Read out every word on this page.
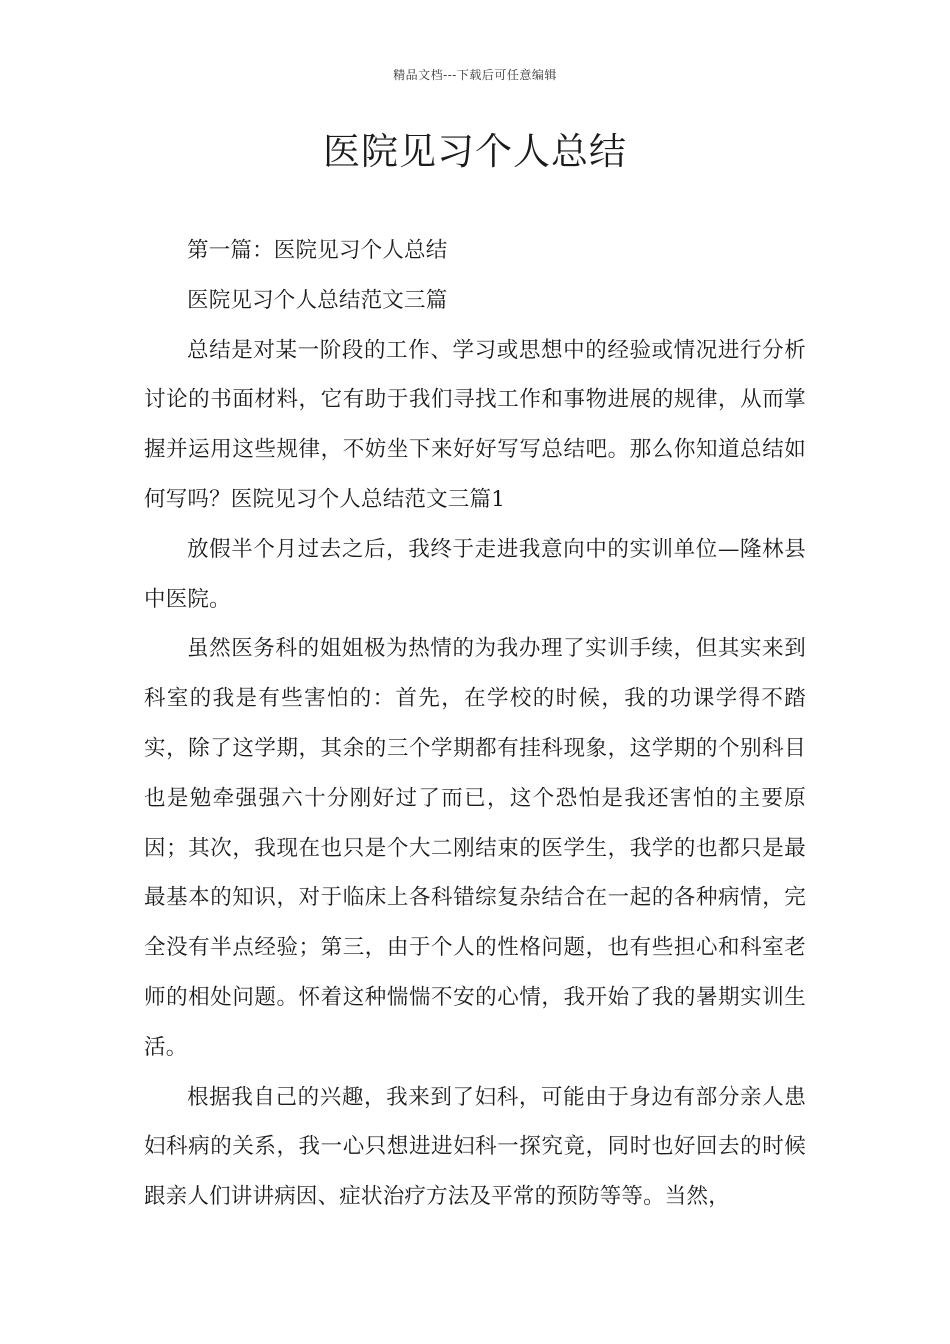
精品文档---下载后可任意编辑
医院见习个人总结

第一篇：医院见习个人总结

医院见习个人总结范文三篇

总结是对某一阶段的工作、学习或思想中的经验或情况进行分析讨论的书面材料，它有助于我们寻找工作和事物进展的规律，从而掌握并运用这些规律，不妨坐下来好好写写总结吧。那么你知道总结如何写吗？医院见习个人总结范文三篇1

放假半个月过去之后，我终于走进我意向中的实训单位—隆林县中医院。

虽然医务科的姐姐极为热情的为我办理了实训手续，但其实来到科室的我是有些害怕的：首先，在学校的时候，我的功课学得不踏实，除了这学期，其余的三个学期都有挂科现象，这学期的个别科目也是勉牵强强六十分刚好过了而已，这个恐怕是我还害怕的主要原因；其次，我现在也只是个大二刚结束的医学生，我学的也都只是最最基本的知识，对于临床上各科错综复杂结合在一起的各种病情，完全没有半点经验；第三，由于个人的性格问题，也有些担心和科室老师的相处问题。怀着这种惴惴不安的心情，我开始了我的暑期实训生活。

根据我自己的兴趣，我来到了妇科，可能由于身边有部分亲人患妇科病的关系，我一心只想进进妇科一探究竟，同时也好回去的时候跟亲人们讲讲病因、症状治疗方法及平常的预防等等。当然，
